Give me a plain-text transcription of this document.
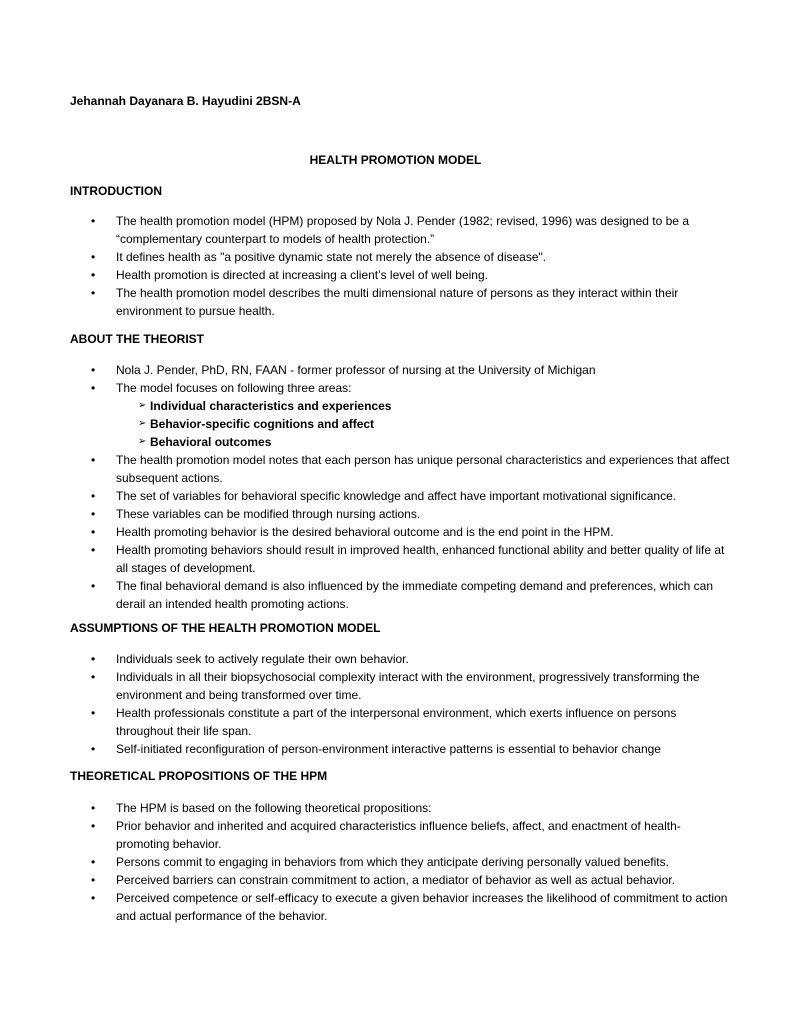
Jehannah Dayanara B. Hayudini 2BSN-A
HEALTH PROMOTION MODEL
INTRODUCTION
• The health promotion model (HPM) proposed by Nola J. Pender (1982; revised, 1996) was designed to be a “complementary counterpart to models of health protection.”
• It defines health as "a positive dynamic state not merely the absence of disease".
• Health promotion is directed at increasing a client’s level of well being.
• The health promotion model describes the multi dimensional nature of persons as they interact within their environment to pursue health.
ABOUT THE THEORIST
• Nola J. Pender, PhD, RN, FAAN - former professor of nursing at the University of Michigan
• The model focuses on following three areas:
➢ Individual characteristics and experiences
➢ Behavior-specific cognitions and affect
➢ Behavioral outcomes
• The health promotion model notes that each person has unique personal characteristics and experiences that affect subsequent actions.
• The set of variables for behavioral specific knowledge and affect have important motivational significance.
• These variables can be modified through nursing actions.
• Health promoting behavior is the desired behavioral outcome and is the end point in the HPM.
• Health promoting behaviors should result in improved health, enhanced functional ability and better quality of life at all stages of development.
• The final behavioral demand is also influenced by the immediate competing demand and preferences, which can derail an intended health promoting actions.
ASSUMPTIONS OF THE HEALTH PROMOTION MODEL
• Individuals seek to actively regulate their own behavior.
• Individuals in all their biopsychosocial complexity interact with the environment, progressively transforming the environment and being transformed over time.
• Health professionals constitute a part of the interpersonal environment, which exerts influence on persons throughout their life span.
• Self-initiated reconfiguration of person-environment interactive patterns is essential to behavior change
THEORETICAL PROPOSITIONS OF THE HPM
• The HPM is based on the following theoretical propositions:
• Prior behavior and inherited and acquired characteristics influence beliefs, affect, and enactment of health-promoting behavior.
• Persons commit to engaging in behaviors from which they anticipate deriving personally valued benefits.
• Perceived barriers can constrain commitment to action, a mediator of behavior as well as actual behavior.
• Perceived competence or self-efficacy to execute a given behavior increases the likelihood of commitment to action and actual performance of the behavior.
